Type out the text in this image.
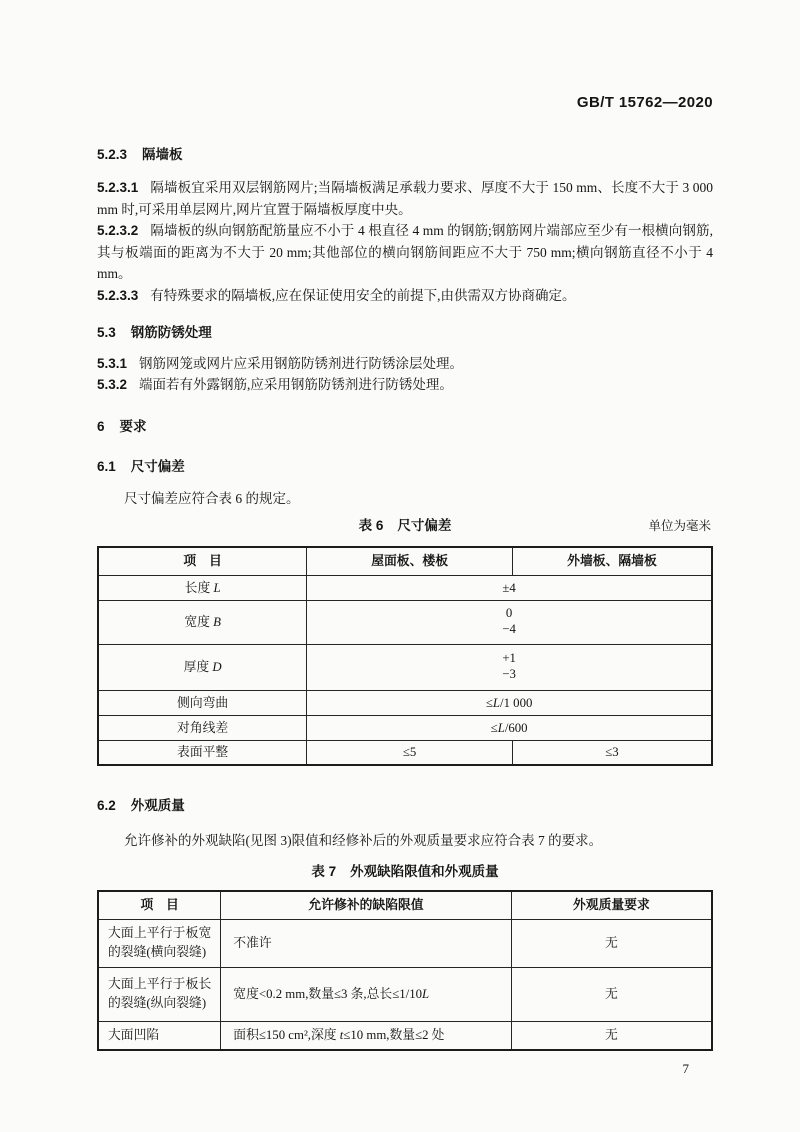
GB/T 15762—2020
5.2.3 隔墙板

5.2.3.1 隔墙板宜采用双层钢筋网片;当隔墙板满足承载力要求、厚度不大于 150 mm、长度不大于 3 000 mm 时,可采用单层网片,网片宜置于隔墙板厚度中央。

5.2.3.2 隔墙板的纵向钢筋配筋量应不小于 4 根直径 4 mm 的钢筋;钢筋网片端部应至少有一根横向钢筋,其与板端面的距离为不大于 20 mm;其他部位的横向钢筋间距应不大于 750 mm;横向钢筋直径不小于 4 mm。

5.2.3.3 有特殊要求的隔墙板,应在保证使用安全的前提下,由供需双方协商确定。

5.3 钢筋防锈处理

5.3.1 钢筋网笼或网片应采用钢筋防锈剂进行防锈涂层处理。

5.3.2 端面若有外露钢筋,应采用钢筋防锈剂进行防锈处理。

6 要求
6.1 尺寸偏差

尺寸偏差应符合表 6 的规定。

表 6 尺寸偏差	单位为毫米
项　目	屋面板、楼板	外墙板、隔墙板
长度 L	±4	
宽度 B	0
−4	
厚度 D	+1
−3	
侧向弯曲	≤L/1 000	
对角线差	≤L/600	
表面平整	≤5	≤3
6.2 外观质量

允许修补的外观缺陷(见图 3)限值和经修补后的外观质量要求应符合表 7 的要求。

表 7 外观缺陷限值和外观质量
项　目	允许修补的缺陷限值	外观质量要求
大面上平行于板宽的裂缝(横向裂缝)	不准许	无
大面上平行于板长的裂缝(纵向裂缝)	宽度<0.2 mm,数量≤3 条,总长≤1/10L	无
大面凹陷	面积≤150 cm²,深度 t≤10 mm,数量≤2 处	无
7
